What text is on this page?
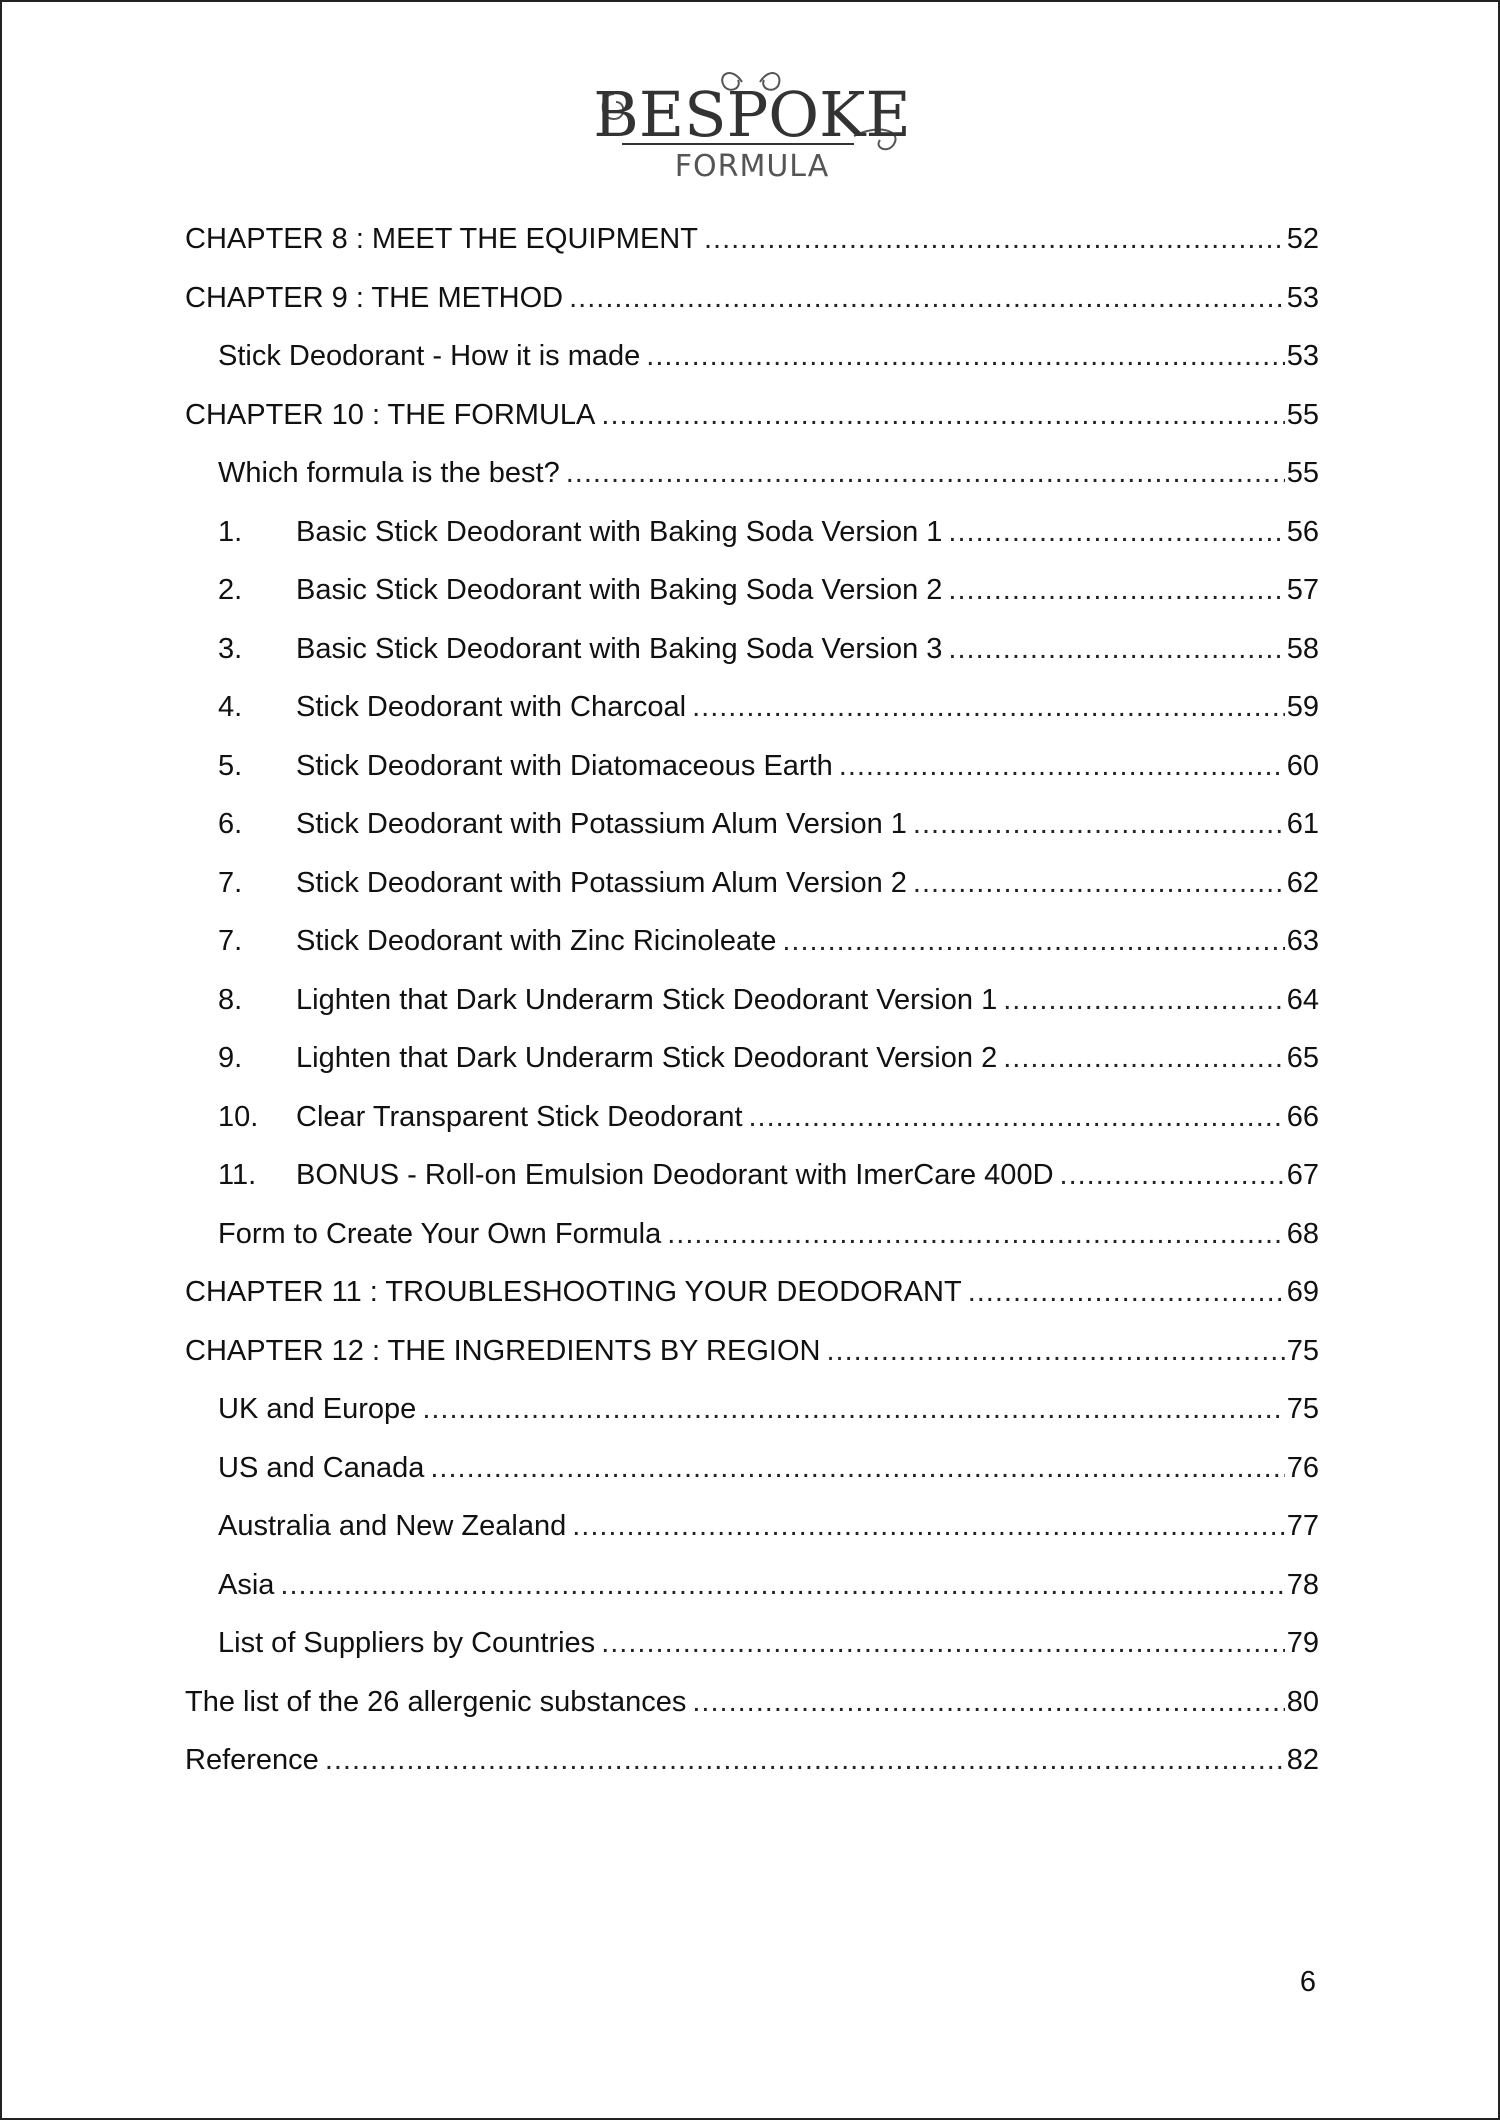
BESPOKE
FORMULA
CHAPTER 8 : MEET THE EQUIPMENT .....	52
CHAPTER 9 : THE METHOD .....	53
Stick Deodorant - How it is made .....	53
CHAPTER 10 : THE FORMULA .....	55
Which formula is the best? .....	55
1.	Basic Stick Deodorant with Baking Soda Version 1 .....	56
2.	Basic Stick Deodorant with Baking Soda Version 2 .....	57
3.	Basic Stick Deodorant with Baking Soda Version 3 .....	58
4.	Stick Deodorant with Charcoal .....	59
5.	Stick Deodorant with Diatomaceous Earth .....	60
6.	Stick Deodorant with Potassium Alum Version 1 .....	61
7.	Stick Deodorant with Potassium Alum Version 2 .....	62
7.	Stick Deodorant with Zinc Ricinoleate .....	63
8.	Lighten that Dark Underarm Stick Deodorant Version 1 .....	64
9.	Lighten that Dark Underarm Stick Deodorant Version 2 .....	65
10.	Clear Transparent Stick Deodorant .....	66
11.	BONUS - Roll-on Emulsion Deodorant with ImerCare 400D .....	67
Form to Create Your Own Formula .....	68
CHAPTER 11 : TROUBLESHOOTING YOUR DEODORANT .....	69
CHAPTER 12 : THE INGREDIENTS BY REGION .....	75
UK and Europe .....	75
US and Canada .....	76
Australia and New Zealand .....	77
Asia .....	78
List of Suppliers by Countries .....	79
The list of the 26 allergenic substances .....	80
Reference .....	82
6
